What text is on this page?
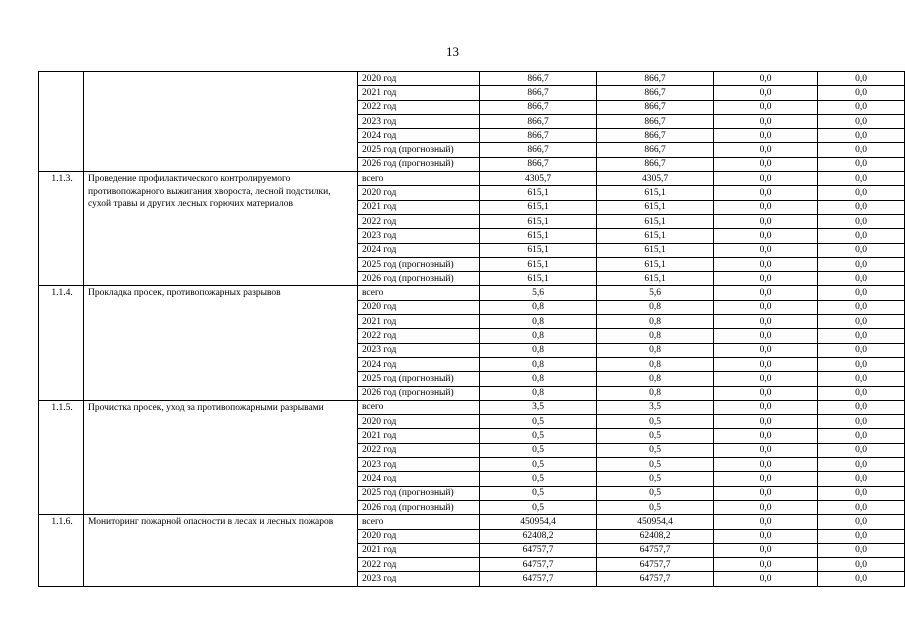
13
		2020 год	866,7	866,7	0,0	0,0
		2021 год	866,7	866,7	0,0	0,0
		2022 год	866,7	866,7	0,0	0,0
		2023 год	866,7	866,7	0,0	0,0
		2024 год	866,7	866,7	0,0	0,0
		2025 год (прогнозный)	866,7	866,7	0,0	0,0
		2026 год (прогнозный)	866,7	866,7	0,0	0,0
1.1.3.	Проведение профилактического контролируемого противопожарного выжигания хвороста, лесной подстилки, сухой травы и других лесных горючих материалов	всего	4305,7	4305,7	0,0	0,0
		2020 год	615,1	615,1	0,0	0,0
		2021 год	615,1	615,1	0,0	0,0
		2022 год	615,1	615,1	0,0	0,0
		2023 год	615,1	615,1	0,0	0,0
		2024 год	615,1	615,1	0,0	0,0
		2025 год (прогнозный)	615,1	615,1	0,0	0,0
		2026 год (прогнозный)	615,1	615,1	0,0	0,0
1.1.4.	Прокладка просек, противопожарных разрывов	всего	5,6	5,6	0,0	0,0
		2020 год	0,8	0,8	0,0	0,0
		2021 год	0,8	0,8	0,0	0,0
		2022 год	0,8	0,8	0,0	0,0
		2023 год	0,8	0,8	0,0	0,0
		2024 год	0,8	0,8	0,0	0,0
		2025 год (прогнозный)	0,8	0,8	0,0	0,0
		2026 год (прогнозный)	0,8	0,8	0,0	0,0
1.1.5.	Прочистка просек, уход за противопожарными разрывами	всего	3,5	3,5	0,0	0,0
		2020 год	0,5	0,5	0,0	0,0
		2021 год	0,5	0,5	0,0	0,0
		2022 год	0,5	0,5	0,0	0,0
		2023 год	0,5	0,5	0,0	0,0
		2024 год	0,5	0,5	0,0	0,0
		2025 год (прогнозный)	0,5	0,5	0,0	0,0
		2026 год (прогнозный)	0,5	0,5	0,0	0,0
1.1.6.	Мониторинг пожарной опасности в лесах и лесных пожаров	всего	450954,4	450954,4	0,0	0,0
		2020 год	62408,2	62408,2	0,0	0,0
		2021 год	64757,7	64757,7	0,0	0,0
		2022 год	64757,7	64757,7	0,0	0,0
		2023 год	64757,7	64757,7	0,0	0,0
